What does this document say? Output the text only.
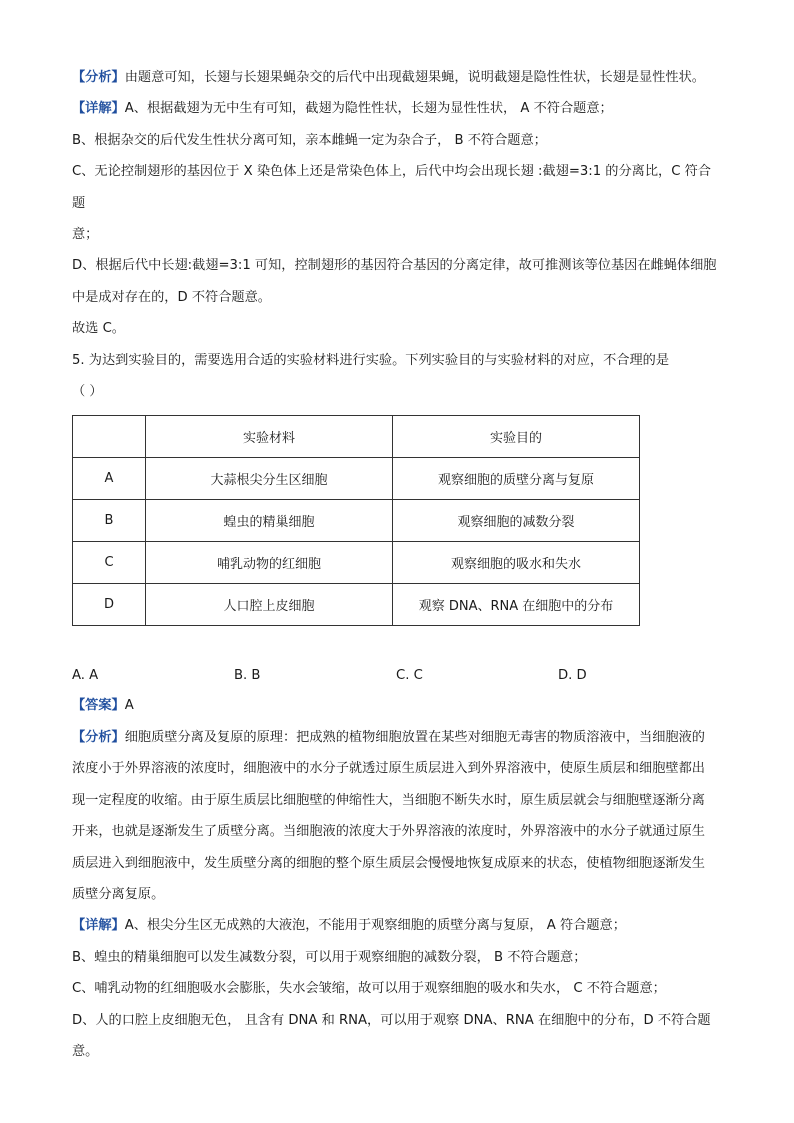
【分析】由题意可知，长翅与长翅果蝇杂交的后代中出现截翅果蝇，说明截翅是隐性性状，长翅是显性性状。

【详解】A、根据截翅为无中生有可知，截翅为隐性性状，长翅为显性性状， A 不符合题意；

B、根据杂交的后代发生性状分离可知，亲本雌蝇一定为杂合子， B 不符合题意；

C、无论控制翅形的基因位于 X 染色体上还是常染色体上，后代中均会出现长翅 :截翅=3:1 的分离比，C 符合题

意；

D、根据后代中长翅:截翅=3:1 可知，控制翅形的基因符合基因的分离定律，故可推测该等位基因在雌蝇体细胞

中是成对存在的，D 不符合题意。

故选 C。

5. 为达到实验目的，需要选用合适的实验材料进行实验。下列实验目的与实验材料的对应，不合理的是

（ ）

	实验材料	实验目的
A	大蒜根尖分生区细胞	观察细胞的质壁分离与复原
B	蝗虫的精巢细胞	观察细胞的减数分裂
C	哺乳动物的红细胞	观察细胞的吸水和失水
D	人口腔上皮细胞	观察 DNA、RNA 在细胞中的分布
A. A	B. B	C. C	D. D

【答案】A

【分析】细胞质壁分离及复原的原理：把成熟的植物细胞放置在某些对细胞无毒害的物质溶液中，当细胞液的

浓度小于外界溶液的浓度时，细胞液中的水分子就透过原生质层进入到外界溶液中，使原生质层和细胞壁都出

现一定程度的收缩。由于原生质层比细胞壁的伸缩性大，当细胞不断失水时，原生质层就会与细胞壁逐渐分离

开来，也就是逐渐发生了质壁分离。当细胞液的浓度大于外界溶液的浓度时，外界溶液中的水分子就通过原生

质层进入到细胞液中，发生质壁分离的细胞的整个原生质层会慢慢地恢复成原来的状态，使植物细胞逐渐发生

质壁分离复原。

【详解】A、根尖分生区无成熟的大液泡，不能用于观察细胞的质壁分离与复原， A 符合题意；

B、蝗虫的精巢细胞可以发生减数分裂，可以用于观察细胞的减数分裂， B 不符合题意；

C、哺乳动物的红细胞吸水会膨胀，失水会皱缩，故可以用于观察细胞的吸水和失水， C 不符合题意；

D、人的口腔上皮细胞无色， 且含有 DNA 和 RNA，可以用于观察 DNA、RNA 在细胞中的分布，D 不符合题

意。
